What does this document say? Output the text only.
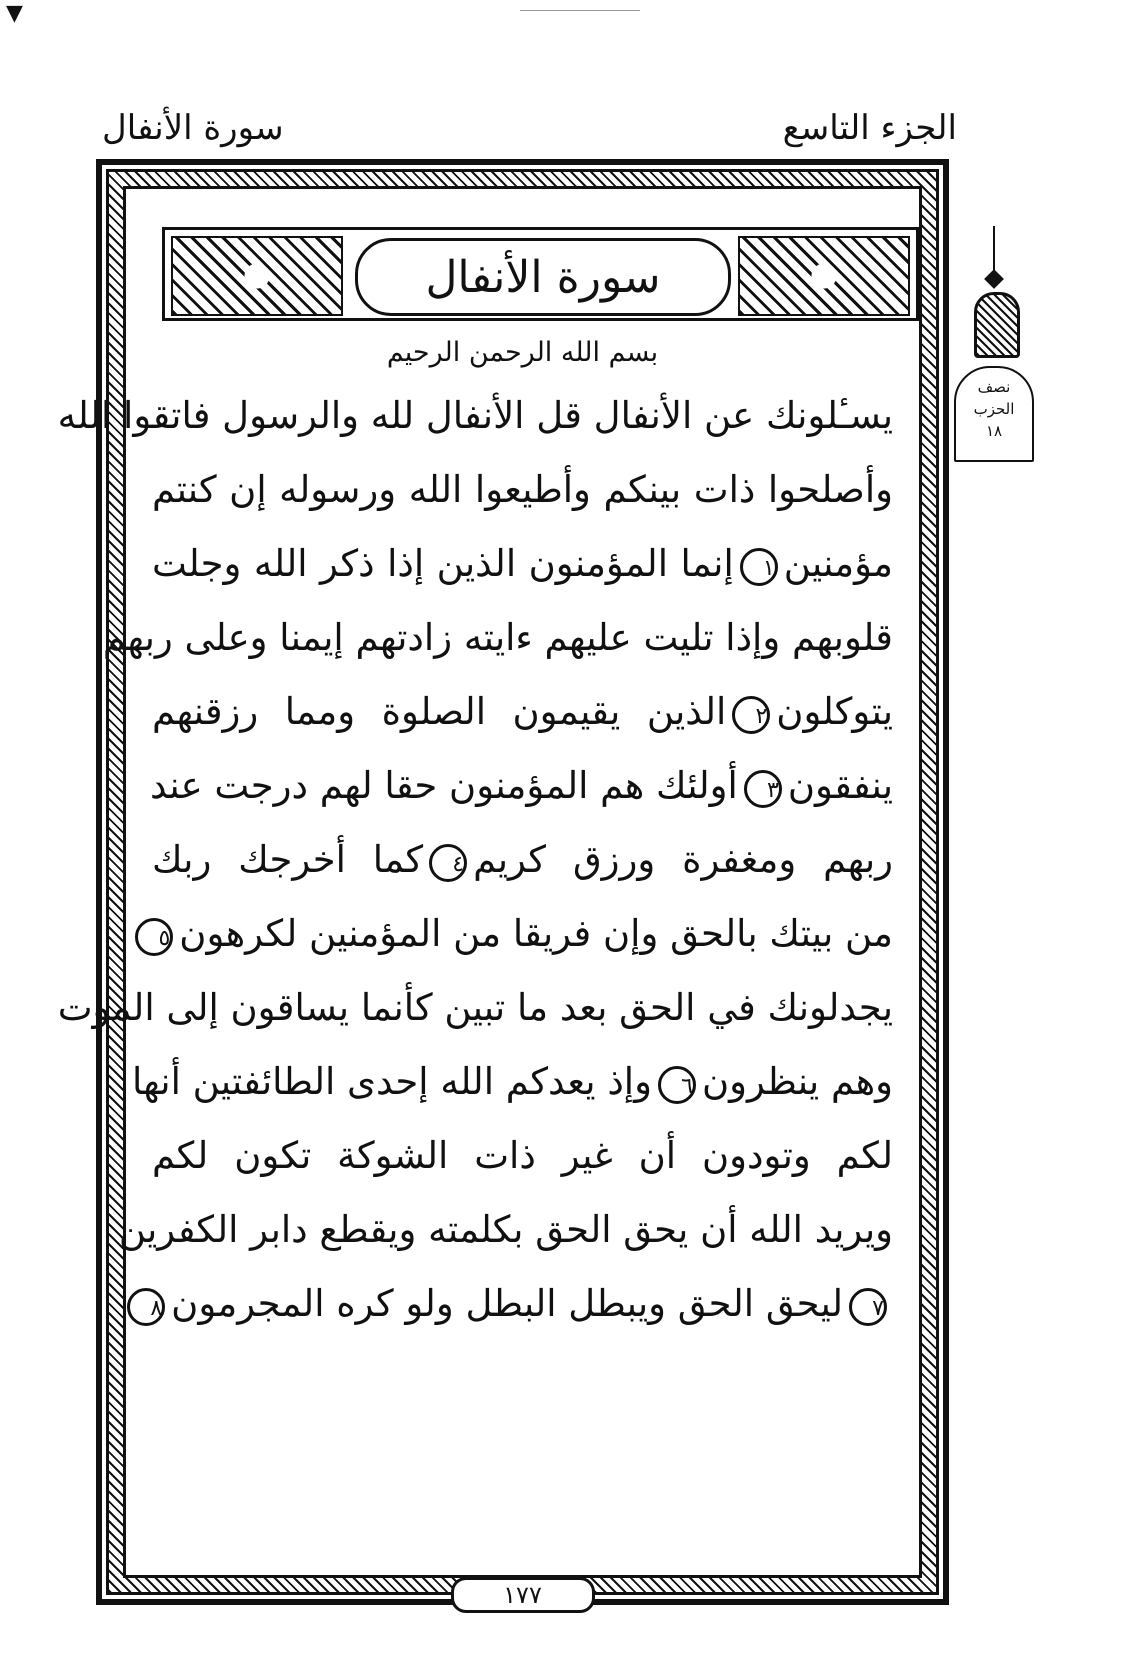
▼
الجزء التاسع
سورة الأنفال
سورة الأنفال
بسم الله الرحمن الرحيم
يسـٔلونك عن الأنفال قل الأنفال لله والرسول فاتقوا الله
وأصلحوا ذات بينكم وأطيعوا الله ورسوله إن كنتم
مؤمنين١إنما المؤمنون الذين إذا ذكر الله وجلت
قلوبهم وإذا تليت عليهم ءايته زادتهم إيمنا وعلى ربهم
يتوكلون٢الذين يقيمون الصلوة ومما رزقنهم
ينفقون٣أولئك هم المؤمنون حقا لهم درجت عند
ربهم ومغفرة ورزق كريم٤كما أخرجك ربك
من بيتك بالحق وإن فريقا من المؤمنين لكرهون٥
يجدلونك في الحق بعد ما تبين كأنما يساقون إلى الموت
وهم ينظرون٦وإذ يعدكم الله إحدى الطائفتين أنها
لكم وتودون أن غير ذات الشوكة تكون لكم
ويريد الله أن يحق الحق بكلمته ويقطع دابر الكفرين
٧ليحق الحق ويبطل البطل ولو كره المجرمون٨
١٧٧
نصف
الحزب
١٨
